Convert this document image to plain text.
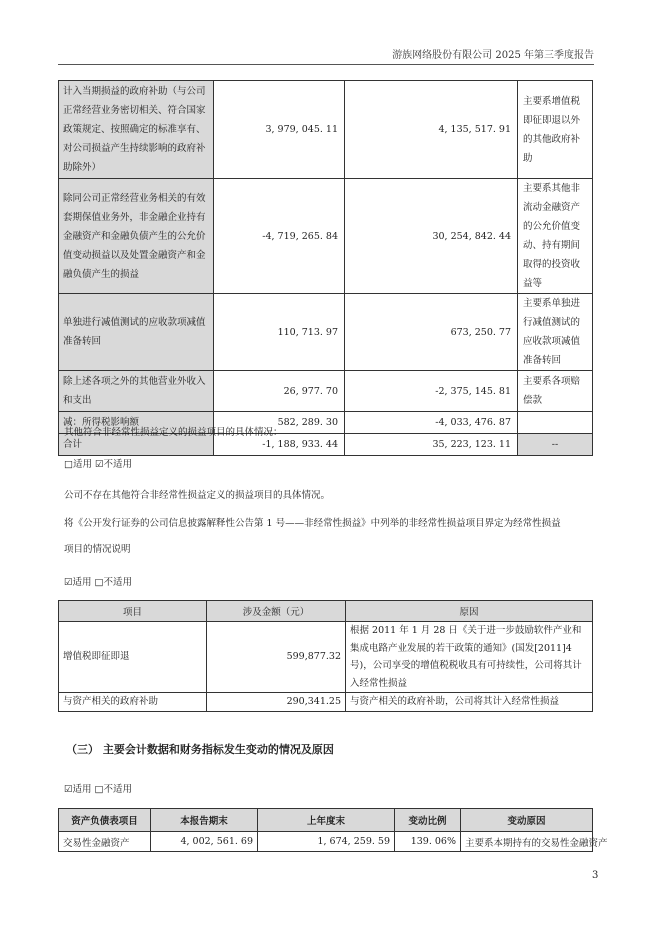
游族网络股份有限公司 2025 年第三季度报告
计入当期损益的政府补助（与公司正常经营业务密切相关、符合国家政策规定、按照确定的标准享有、对公司损益产生持续影响的政府补助除外）	3, 979, 045. 11	4, 135, 517. 91	主要系增值税即征即退以外的其他政府补助
除同公司正常经营业务相关的有效套期保值业务外，非金融企业持有金融资产和金融负债产生的公允价值变动损益以及处置金融资产和金融负债产生的损益	-4, 719, 265. 84	30, 254, 842. 44	主要系其他非流动金融资产的公允价值变动、持有期间取得的投资收益等
单独进行减值测试的应收款项减值准备转回	110, 713. 97	673, 250. 77	主要系单独进行减值测试的应收款项减值准备转回
除上述各项之外的其他营业外收入和支出	26, 977. 70	-2, 375, 145. 81	主要系各项赔偿款
减：所得税影响额	582, 289. 30	-4, 033, 476. 87	
合计	-1, 188, 933. 44	35, 223, 123. 11	--
其他符合非经常性损益定义的损益项目的具体情况：
□适用 ☑不适用
公司不存在其他符合非经常性损益定义的损益项目的具体情况。
将《公开发行证券的公司信息披露解释性公告第 1 号——非经常性损益》中列举的非经常性损益项目界定为经常性损益
项目的情况说明
☑适用 □不适用
项目	涉及金额（元）	原因
增值税即征即退	599,877.32	根据 2011 年 1 月 28 日《关于进一步鼓励软件产业和集成电路产业发展的若干政策的通知》(国发[2011]4 号)，公司享受的增值税税收具有可持续性，公司将其计入经常性损益
与资产相关的政府补助	290,341.25	与资产相关的政府补助，公司将其计入经常性损益
（三） 主要会计数据和财务指标发生变动的情况及原因
☑适用 □不适用
资产负债表项目	本报告期末	上年度末	变动比例	变动原因
交易性金融资产	4, 002, 561. 69	1, 674, 259. 59	139. 06%	主要系本期持有的交易性金融资产
3
